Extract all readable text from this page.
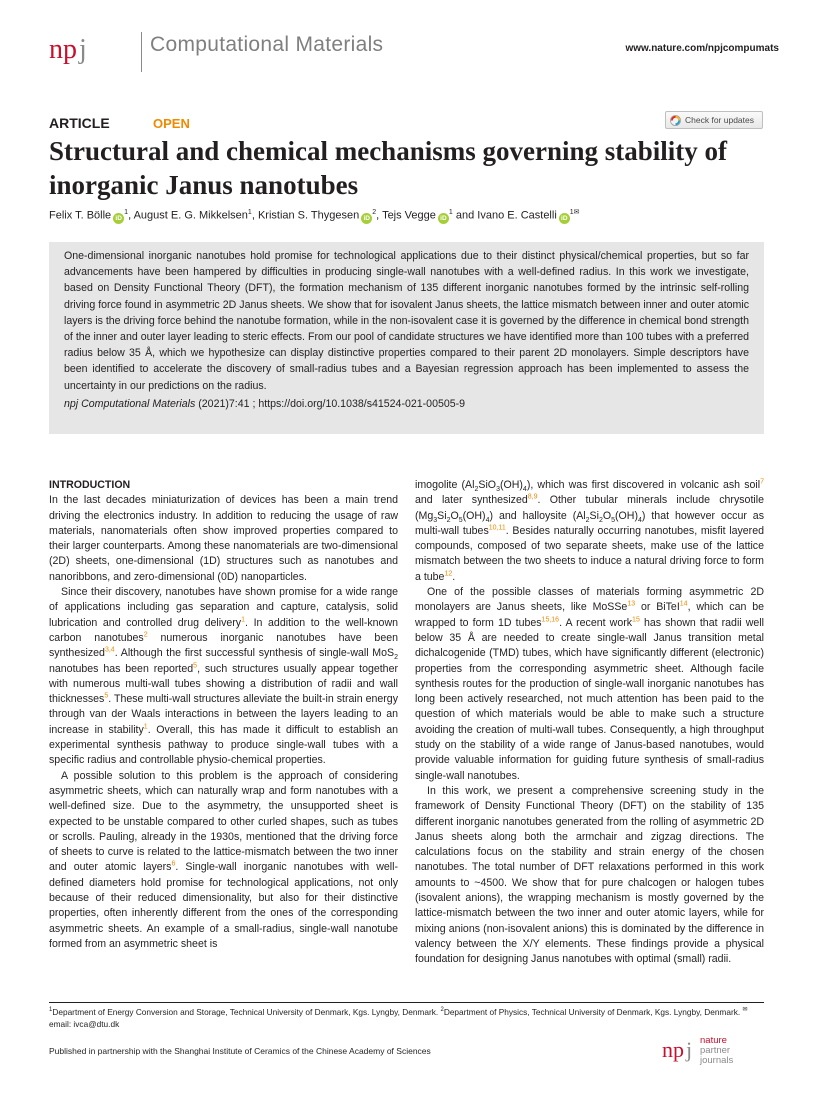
np j	Computational Materials	www.nature.com/npjcompumats
ARTICLE	OPEN	Check for updates
Structural and chemical mechanisms governing stability of inorganic Janus nanotubes
Felix T. Bölle $iD^1$, August E. G. Mikkelsen$^1$, Kristian S. Thygesen $iD^2$, Tejs Vegge $iD^1$ and Ivano E. Castelli $iD^{1✉}$

One-dimensional inorganic nanotubes hold promise for technological applications due to their distinct physical/chemical properties, but so far advancements have been hampered by difficulties in producing single-wall nanotubes with a well-defined radius. In this work we investigate, based on Density Functional Theory (DFT), the formation mechanism of 135 different inorganic nanotubes formed by the intrinsic self-rolling driving force found in asymmetric 2D Janus sheets. We show that for isovalent Janus sheets, the lattice mismatch between inner and outer atomic layers is the driving force behind the nanotube formation, while in the non-isovalent case it is governed by the difference in chemical bond strength of the inner and outer layer leading to steric effects. From our pool of candidate structures we have identified more than 100 tubes with a preferred radius below 35 Å, which we hypothesize can display distinctive properties compared to their parent 2D monolayers. Simple descriptors have been identified to accelerate the discovery of small-radius tubes and a Bayesian regression approach has been implemented to assess the uncertainty in our predictions on the radius.

npj Computational Materials (2021)7:41 ; https://doi.org/10.1038/s41524-021-00505-9

INTRODUCTION

In the last decades miniaturization of devices has been a main trend driving the electronics industry. In addition to reducing the usage of raw materials, nanomaterials often show improved properties compared to their larger counterparts. Among these nanomaterials are two-dimensional (2D) sheets, one-dimensional (1D) structures such as nanotubes and nanoribbons, and zero-dimensional (0D) nanoparticles.

Since their discovery, nanotubes have shown promise for a wide range of applications including gas separation and capture, catalysis, solid lubrication and controlled drug delivery$^1$. In addition to the well-known carbon nanotubes$^2$ numerous inorganic nanotubes have been synthesized$^{3,4}$. Although the first successful synthesis of single-wall MoS$_2$ nanotubes has been reported$^5$, such structures usually appear together with numerous multi-wall tubes showing a distribution of radii and wall thicknesses$^5$. These multi-wall structures alleviate the built-in strain energy through van der Waals interactions in between the layers leading to an increase in stability$^1$. Overall, this has made it difficult to establish an experimental synthesis pathway to produce single-wall tubes with a specific radius and controllable physio-chemical properties.

A possible solution to this problem is the approach of considering asymmetric sheets, which can naturally wrap and form nanotubes with a well-defined size. Due to the asymmetry, the unsupported sheet is expected to be unstable compared to other curled shapes, such as tubes or scrolls. Pauling, already in the 1930s, mentioned that the driving force of sheets to curve is related to the lattice-mismatch between the two inner and outer atomic layers$^6$. Single-wall inorganic nanotubes with well-defined diameters hold promise for technological applications, not only because of their reduced dimensionality, but also for their distinctive properties, often inherently different from the ones of the corresponding asymmetric sheets. An example of a small-radius, single-wall nanotube formed from an asymmetric sheet is

imogolite $(Al_2SiO_3(OH)_4)$, which was first discovered in volcanic ash soil$^7$ and later synthesized$^{8,9}$. Other tubular minerals include chrysotile $(Mg_3Si_2O_5(OH)_4)$ and halloysite $(Al_2Si_2O_5(OH)_4)$ that however occur as multi-wall tubes$^{10,11}$. Besides naturally occurring nanotubes, misfit layered compounds, composed of two separate sheets, make use of the lattice mismatch between the two sheets to induce a natural driving force to form a tube$^{12}$.

One of the possible classes of materials forming asymmetric 2D monolayers are Janus sheets, like MoSSe$^{13}$ or BiTeI$^{14}$, which can be wrapped to form 1D tubes$^{15,16}$. A recent work$^{15}$ has shown that radii well below 35 Å are needed to create single-wall Janus transition metal dichalcogenide (TMD) tubes, which have significantly different (electronic) properties from the corresponding asymmetric sheet. Although facile synthesis routes for the production of single-wall inorganic nanotubes has long been actively researched, not much attention has been paid to the question of which materials would be able to make such a structure avoiding the creation of multi-wall tubes. Consequently, a high throughput study on the stability of a wide range of Janus-based nanotubes, would provide valuable information for guiding future synthesis of small-radius single-wall nanotubes.

In this work, we present a comprehensive screening study in the framework of Density Functional Theory (DFT) on the stability of 135 different inorganic nanotubes generated from the rolling of asymmetric 2D Janus sheets along both the armchair and zigzag directions. The calculations focus on the stability and strain energy of the chosen nanotubes. The total number of DFT relaxations performed in this work amounts to ~4500. We show that for pure chalcogen or halogen tubes (isovalent anions), the wrapping mechanism is mostly governed by the lattice-mismatch between the two inner and outer atomic layers, while for mixing anions (non-isovalent anions) this is dominated by the difference in valency between the X/Y elements. These findings provide a physical foundation for designing Janus nanotubes with optimal (small) radii.

$^1$Department of Energy Conversion and Storage, Technical University of Denmark, Kgs. Lyngby, Denmark. $^2$Department of Physics, Technical University of Denmark, Kgs. Lyngby, Denmark. ✉email: ivca@dtu.dk
Published in partnership with the Shanghai Institute of Ceramics of the Chinese Academy of Sciences	np j nature
partner
journals
